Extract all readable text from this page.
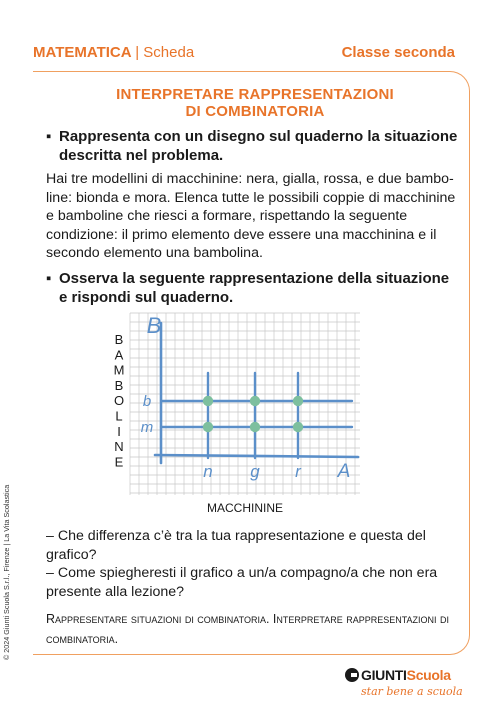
MATEMATICA | Scheda	Classe seconda
INTERPRETARE RAPPRESENTAZIONI
DI COMBINATORIA
▪ Rappresenta con un disegno sul quaderno la situazione descritta nel problema.
Hai tre modellini di macchinine: nera, gialla, rossa, e due bamboline: bionda e mora. Elenca tutte le possibili coppie di macchinine e bamboline che riesci a formare, rispettando la seguente condizione: il primo elemento deve essere una macchinina e il secondo elemento una bambolina.
▪ Osserva la seguente rappresentazione della situazione e rispondi sul quaderno.
n g r
m
b
A
B
MACCHININE
B
A
M
B
O
L
I
N
E
– Che differenza c’è tra la tua rappresentazione e questa del grafico?
– Come spiegheresti il grafico a un/a compagno/a che non era presente alla lezione?
Rappresentare situazioni di combinatoria. Interpretare rappresentazioni di combinatoria.
© 2024 Giunti Scuola S.r.l., Firenze | La Vita Scolastica
GIUNTIScuola
star bene a scuola
